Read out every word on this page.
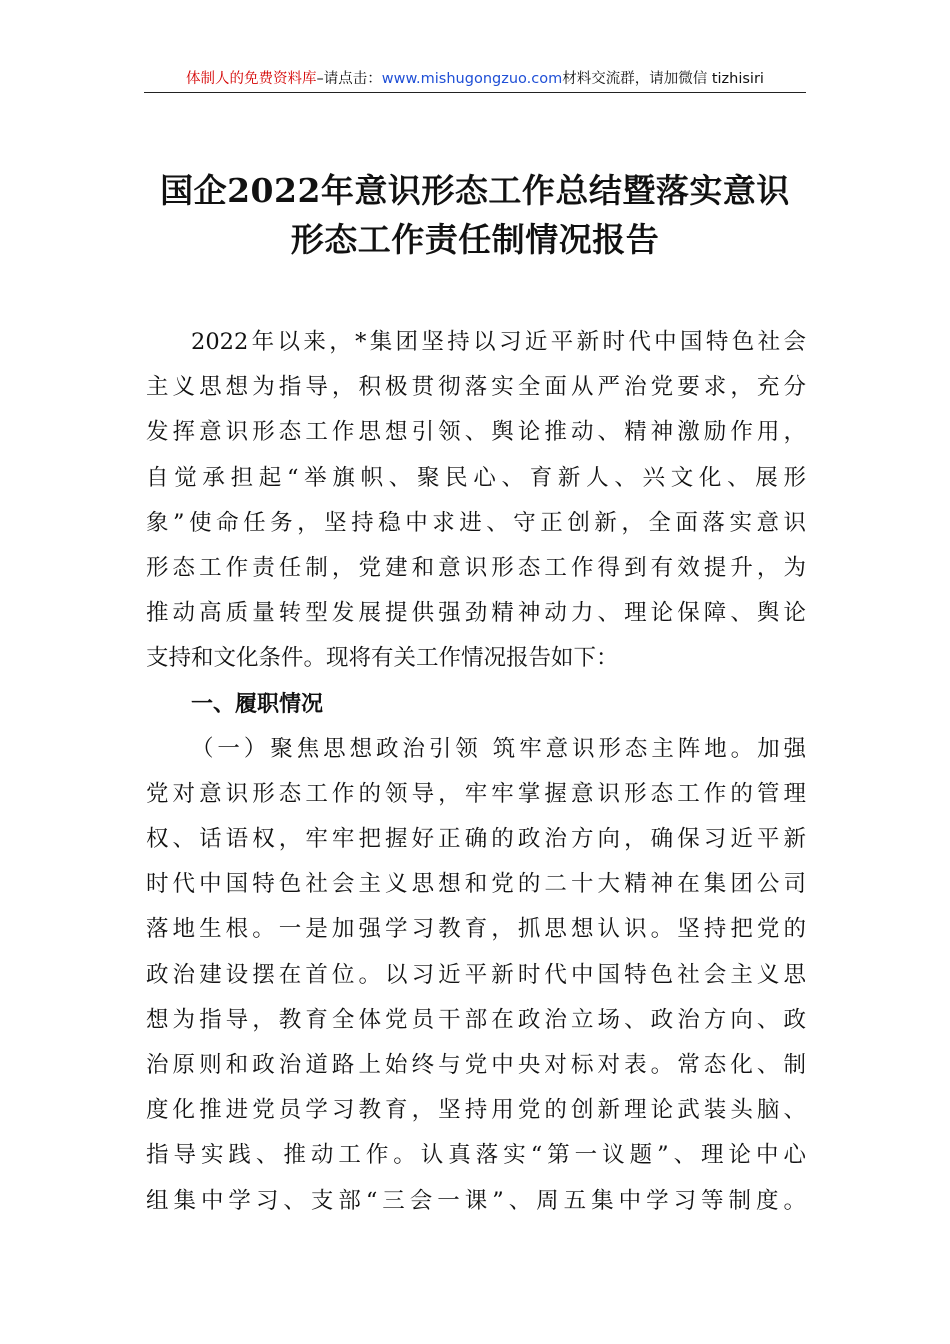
体制人的免费资料库–请点击：www.mishugongzuo.com材料交流群，请加微信 tizhisiri
国企2022年意识形态工作总结暨落实意识
形态工作责任制情况报告
2022年以来，*集团坚持以习近平新时代中国特色社会
主义思想为指导，积极贯彻落实全面从严治党要求，充分
发挥意识形态工作思想引领、舆论推动、精神激励作用，
自觉承担起“举旗帜、聚民心、育新人、兴文化、展形
象”使命任务，坚持稳中求进、守正创新，全面落实意识
形态工作责任制，党建和意识形态工作得到有效提升，为
推动高质量转型发展提供强劲精神动力、理论保障、舆论
支持和文化条件。现将有关工作情况报告如下：
一、履职情况
（一）聚焦思想政治引领 筑牢意识形态主阵地。加强
党对意识形态工作的领导，牢牢掌握意识形态工作的管理
权、话语权，牢牢把握好正确的政治方向，确保习近平新
时代中国特色社会主义思想和党的二十大精神在集团公司
落地生根。一是加强学习教育，抓思想认识。坚持把党的
政治建设摆在首位。以习近平新时代中国特色社会主义思
想为指导，教育全体党员干部在政治立场、政治方向、政
治原则和政治道路上始终与党中央对标对表。常态化、制
度化推进党员学习教育，坚持用党的创新理论武装头脑、
指导实践、推动工作。认真落实“第一议题”、理论中心
组集中学习、支部“三会一课”、周五集中学习等制度。
